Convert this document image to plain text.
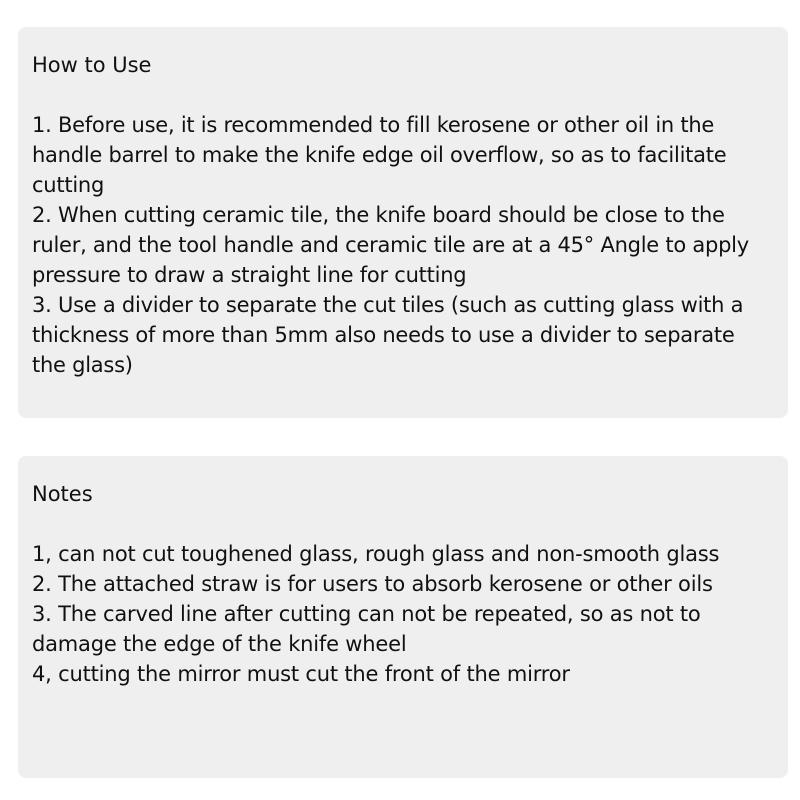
How to Use
1. Before use, it is recommended to fill kerosene or other oil in the handle barrel to make the knife edge oil overflow, so as to facilitate cutting
2. When cutting ceramic tile, the knife board should be close to the ruler, and the tool handle and ceramic tile are at a 45° Angle to apply pressure to draw a straight line for cutting
3. Use a divider to separate the cut tiles (such as cutting glass with a thickness of more than 5mm also needs to use a divider to separate the glass)
Notes
1, can not cut toughened glass, rough glass and non-smooth glass
2. The attached straw is for users to absorb kerosene or other oils
3. The carved line after cutting can not be repeated, so as not to damage the edge of the knife wheel
4, cutting the mirror must cut the front of the mirror
